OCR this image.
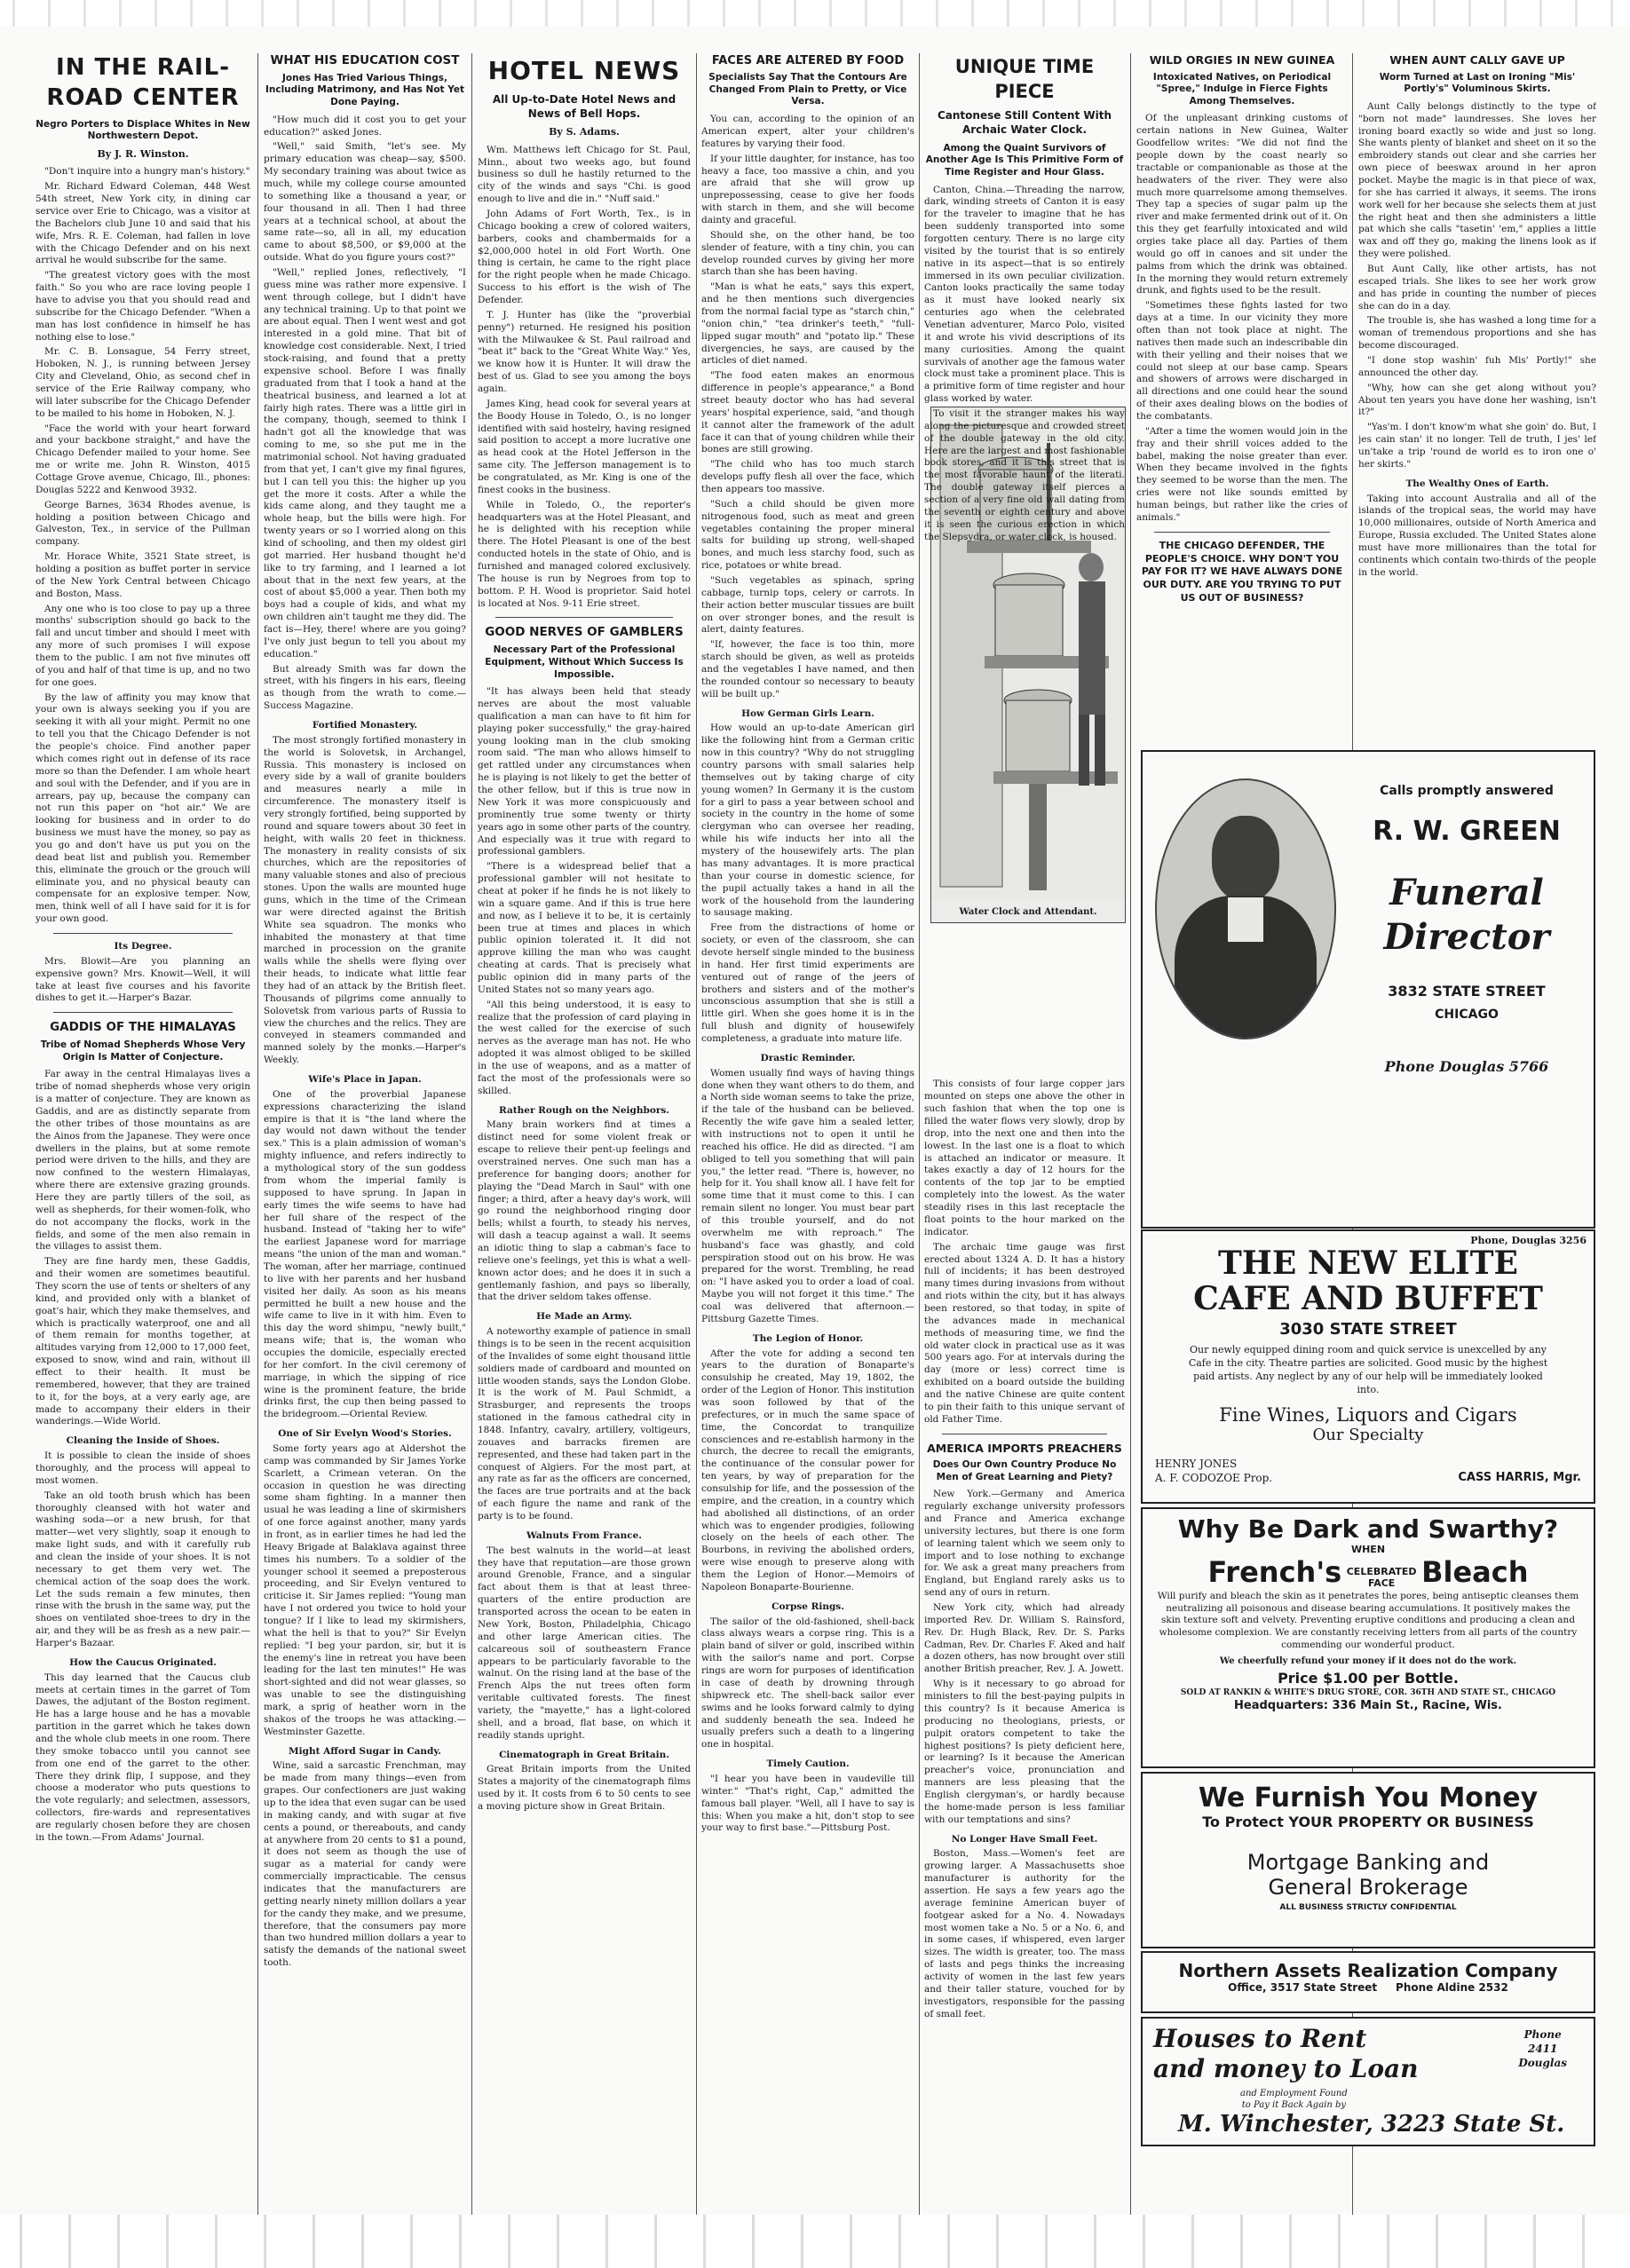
IN THE RAIL-
ROAD CENTER
Negro Porters to Displace Whites in New Northwestern Depot.
By J. R. Winston.

"Don't inquire into a hungry man's history."

Mr. Richard Edward Coleman, 448 West 54th street, New York city, in dining car service over Erie to Chicago, was a visitor at the Bachelors club June 10 and said that his wife, Mrs. R. E. Coleman, had fallen in love with the Chicago Defender and on his next arrival he would subscribe for the same.

"The greatest victory goes with the most faith." So you who are race loving people I have to advise you that you should read and subscribe for the Chicago Defender. "When a man has lost confidence in himself he has nothing else to lose."

Mr. C. B. Lonsague, 54 Ferry street, Hoboken, N. J., is running between Jersey City and Cleveland, Ohio, as second chef in service of the Erie Railway company, who will later subscribe for the Chicago Defender to be mailed to his home in Hoboken, N. J.

"Face the world with your heart forward and your backbone straight," and have the Chicago Defender mailed to your home. See me or write me. John R. Winston, 4015 Cottage Grove avenue, Chicago, Ill., phones: Douglas 5222 and Kenwood 3932.

George Barnes, 3634 Rhodes avenue, is holding a position between Chicago and Galveston, Tex., in service of the Pullman company.

Mr. Horace White, 3521 State street, is holding a position as buffet porter in service of the New York Central between Chicago and Boston, Mass.

Any one who is too close to pay up a three months' subscription should go back to the fall and uncut timber and should I meet with any more of such promises I will expose them to the public. I am not five minutes off of you and half of that time is up, and no two for one goes.

By the law of affinity you may know that your own is always seeking you if you are seeking it with all your might. Permit no one to tell you that the Chicago Defender is not the people's choice. Find another paper which comes right out in defense of its race more so than the Defender. I am whole heart and soul with the Defender, and if you are in arrears, pay up, because the company can not run this paper on "hot air." We are looking for business and in order to do business we must have the money, so pay as you go and don't have us put you on the dead beat list and publish you. Remember this, eliminate the grouch or the grouch will eliminate you, and no physical beauty can compensate for an explosive temper. Now, men, think well of all I have said for it is for your own good.

Its Degree.

Mrs. Blowit—Are you planning an expensive gown? Mrs. Knowit—Well, it will take at least five courses and his favorite dishes to get it.—Harper's Bazar.

GADDIS OF THE HIMALAYAS
Tribe of Nomad Shepherds Whose Very Origin Is Matter of Conjecture.

Far away in the central Himalayas lives a tribe of nomad shepherds whose very origin is a matter of conjecture. They are known as Gaddis, and are as distinctly separate from the other tribes of those mountains as are the Ainos from the Japanese. They were once dwellers in the plains, but at some remote period were driven to the hills, and they are now confined to the western Himalayas, where there are extensive grazing grounds. Here they are partly tillers of the soil, as well as shepherds, for their women-folk, who do not accompany the flocks, work in the fields, and some of the men also remain in the villages to assist them.

They are fine hardy men, these Gaddis, and their women are sometimes beautiful. They scorn the use of tents or shelters of any kind, and provided only with a blanket of goat's hair, which they make themselves, and which is practically waterproof, one and all of them remain for months together, at altitudes varying from 12,000 to 17,000 feet, exposed to snow, wind and rain, without ill effect to their health. It must be remembered, however, that they are trained to it, for the boys, at a very early age, are made to accompany their elders in their wanderings.—Wide World.

Cleaning the Inside of Shoes.

It is possible to clean the inside of shoes thoroughly, and the process will appeal to most women.

Take an old tooth brush which has been thoroughly cleansed with hot water and washing soda—or a new brush, for that matter—wet very slightly, soap it enough to make light suds, and with it carefully rub and clean the inside of your shoes. It is not necessary to get them very wet. The chemical action of the soap does the work. Let the suds remain a few minutes, then rinse with the brush in the same way, put the shoes on ventilated shoe-trees to dry in the air, and they will be as fresh as a new pair.—Harper's Bazaar.

How the Caucus Originated.

This day learned that the Caucus club meets at certain times in the garret of Tom Dawes, the adjutant of the Boston regiment. He has a large house and he has a movable partition in the garret which he takes down and the whole club meets in one room. There they smoke tobacco until you cannot see from one end of the garret to the other. There they drink flip, I suppose, and they choose a moderator who puts questions to the vote regularly; and selectmen, assessors, collectors, fire-wards and representatives are regularly chosen before they are chosen in the town.—From Adams' Journal.

WHAT HIS EDUCATION COST
Jones Has Tried Various Things, Including Matrimony, and Has Not Yet Done Paying.

"How much did it cost you to get your education?" asked Jones.

"Well," said Smith, "let's see. My primary education was cheap—say, $500. My secondary training was about twice as much, while my college course amounted to something like a thousand a year, or four thousand in all. Then I had three years at a technical school, at about the same rate—so, all in all, my education came to about $8,500, or $9,000 at the outside. What do you figure yours cost?"

"Well," replied Jones, reflectively, "I guess mine was rather more expensive. I went through college, but I didn't have any technical training. Up to that point we are about equal. Then I went west and got interested in a gold mine. That bit of knowledge cost considerable. Next, I tried stock-raising, and found that a pretty expensive school. Before I was finally graduated from that I took a hand at the theatrical business, and learned a lot at fairly high rates. There was a little girl in the company, though, seemed to think I hadn't got all the knowledge that was coming to me, so she put me in the matrimonial school. Not having graduated from that yet, I can't give my final figures, but I can tell you this: the higher up you get the more it costs. After a while the kids came along, and they taught me a whole heap, but the bills were high. For twenty years or so I worried along on this kind of schooling, and then my oldest girl got married. Her husband thought he'd like to try farming, and I learned a lot about that in the next few years, at the cost of about $5,000 a year. Then both my boys had a couple of kids, and what my own children ain't taught me they did. The fact is—Hey, there! where are you going? I've only just begun to tell you about my education."

But already Smith was far down the street, with his fingers in his ears, fleeing as though from the wrath to come.—Success Magazine.

Fortified Monastery.

The most strongly fortified monastery in the world is Solovetsk, in Archangel, Russia. This monastery is inclosed on every side by a wall of granite boulders and measures nearly a mile in circumference. The monastery itself is very strongly fortified, being supported by round and square towers about 30 feet in height, with walls 20 feet in thickness. The monastery in reality consists of six churches, which are the repositories of many valuable stones and also of precious stones. Upon the walls are mounted huge guns, which in the time of the Crimean war were directed against the British White sea squadron. The monks who inhabited the monastery at that time marched in procession on the granite walls while the shells were flying over their heads, to indicate what little fear they had of an attack by the British fleet. Thousands of pilgrims come annually to Solovetsk from various parts of Russia to view the churches and the relics. They are conveyed in steamers commanded and manned solely by the monks.—Harper's Weekly.

Wife's Place in Japan.

One of the proverbial Japanese expressions characterizing the island empire is that it is "the land where the day would not dawn without the tender sex." This is a plain admission of woman's mighty influence, and refers indirectly to a mythological story of the sun goddess from whom the imperial family is supposed to have sprung. In Japan in early times the wife seems to have had her full share of the respect of the husband. Instead of "taking her to wife" the earliest Japanese word for marriage means "the union of the man and woman." The woman, after her marriage, continued to live with her parents and her husband visited her daily. As soon as his means permitted he built a new house and the wife came to live in it with him. Even to this day the word shimpu, "newly built," means wife; that is, the woman who occupies the domicile, especially erected for her comfort. In the civil ceremony of marriage, in which the sipping of rice wine is the prominent feature, the bride drinks first, the cup then being passed to the bridegroom.—Oriental Review.

One of Sir Evelyn Wood's Stories.

Some forty years ago at Aldershot the camp was commanded by Sir James Yorke Scarlett, a Crimean veteran. On the occasion in question he was directing some sham fighting. In a manner then usual he was leading a line of skirmishers of one force against another, many yards in front, as in earlier times he had led the Heavy Brigade at Balaklava against three times his numbers. To a soldier of the younger school it seemed a preposterous proceeding, and Sir Evelyn ventured to criticise it. Sir James replied: "Young man have I not ordered you twice to hold your tongue? If I like to lead my skirmishers, what the hell is that to you?" Sir Evelyn replied: "I beg your pardon, sir, but it is the enemy's line in retreat you have been leading for the last ten minutes!" He was short-sighted and did not wear glasses, so was unable to see the distinguishing mark, a sprig of heather worn in the shakos of the troops he was attacking.—Westminster Gazette.

Might Afford Sugar in Candy.

Wine, said a sarcastic Frenchman, may be made from many things—even from grapes. Our confectioners are just waking up to the idea that even sugar can be used in making candy, and with sugar at five cents a pound, or thereabouts, and candy at anywhere from 20 cents to $1 a pound, it does not seem as though the use of sugar as a material for candy were commercially impracticable. The census indicates that the manufacturers are getting nearly ninety million dollars a year for the candy they make, and we presume, therefore, that the consumers pay more than two hundred million dollars a year to satisfy the demands of the national sweet tooth.

HOTEL NEWS
All Up-to-Date Hotel News and News of Bell Hops.
By S. Adams.

Wm. Matthews left Chicago for St. Paul, Minn., about two weeks ago, but found business so dull he hastily returned to the city of the winds and says "Chi. is good enough to live and die in." "Nuff said."

John Adams of Fort Worth, Tex., is in Chicago booking a crew of colored waiters, barbers, cooks and chambermaids for a $2,000,000 hotel in old Fort Worth. One thing is certain, he came to the right place for the right people when he made Chicago. Success to his effort is the wish of The Defender.

T. J. Hunter has (like the "proverbial penny") returned. He resigned his position with the Milwaukee & St. Paul railroad and "beat it" back to the "Great White Way." Yes, we know how it is Hunter. It will draw the best of us. Glad to see you among the boys again.

James King, head cook for several years at the Boody House in Toledo, O., is no longer identified with said hostelry, having resigned said position to accept a more lucrative one as head cook at the Hotel Jefferson in the same city. The Jefferson management is to be congratulated, as Mr. King is one of the finest cooks in the business.

While in Toledo, O., the reporter's headquarters was at the Hotel Pleasant, and he is delighted with his reception while there. The Hotel Pleasant is one of the best conducted hotels in the state of Ohio, and is furnished and managed colored exclusively. The house is run by Negroes from top to bottom. P. H. Wood is proprietor. Said hotel is located at Nos. 9-11 Erie street.

GOOD NERVES OF GAMBLERS
Necessary Part of the Professional Equipment, Without Which Success Is Impossible.

"It has always been held that steady nerves are about the most valuable qualification a man can have to fit him for playing poker successfully," the gray-haired young looking man in the club smoking room said. "The man who allows himself to get rattled under any circumstances when he is playing is not likely to get the better of the other fellow, but if this is true now in New York it was more conspicuously and prominently true some twenty or thirty years ago in some other parts of the country. And especially was it true with regard to professional gamblers.

"There is a widespread belief that a professional gambler will not hesitate to cheat at poker if he finds he is not likely to win a square game. And if this is true here and now, as I believe it to be, it is certainly been true at times and places in which public opinion tolerated it. It did not approve killing the man who was caught cheating at cards. That is precisely what public opinion did in many parts of the United States not so many years ago.

"All this being understood, it is easy to realize that the profession of card playing in the west called for the exercise of such nerves as the average man has not. He who adopted it was almost obliged to be skilled in the use of weapons, and as a matter of fact the most of the professionals were so skilled.

Rather Rough on the Neighbors.

Many brain workers find at times a distinct need for some violent freak or escape to relieve their pent-up feelings and overstrained nerves. One such man has a preference for banging doors; another for playing the "Dead March in Saul" with one finger; a third, after a heavy day's work, will go round the neighborhood ringing door bells; whilst a fourth, to steady his nerves, will dash a teacup against a wall. It seems an idiotic thing to slap a cabman's face to relieve one's feelings, yet this is what a well-known actor does; and he does it in such a gentlemanly fashion, and pays so liberally, that the driver seldom takes offense.

He Made an Army.

A noteworthy example of patience in small things is to be seen in the recent acquisition of the Invalides of some eight thousand little soldiers made of cardboard and mounted on little wooden stands, says the London Globe. It is the work of M. Paul Schmidt, a Strasburger, and represents the troops stationed in the famous cathedral city in 1848. Infantry, cavalry, artillery, voltigeurs, zouaves and barracks firemen are represented, and these had taken part in the conquest of Algiers. For the most part, at any rate as far as the officers are concerned, the faces are true portraits and at the back of each figure the name and rank of the party is to be found.

Walnuts From France.

The best walnuts in the world—at least they have that reputation—are those grown around Grenoble, France, and a singular fact about them is that at least three-quarters of the entire production are transported across the ocean to be eaten in New York, Boston, Philadelphia, Chicago and other large American cities. The calcareous soil of southeastern France appears to be particularly favorable to the walnut. On the rising land at the base of the French Alps the nut trees often form veritable cultivated forests. The finest variety, the "mayette," has a light-colored shell, and a broad, flat base, on which it readily stands upright.

Cinematograph in Great Britain.

Great Britain imports from the United States a majority of the cinematograph films used by it. It costs from 6 to 50 cents to see a moving picture show in Great Britain.

FACES ARE ALTERED BY FOOD
Specialists Say That the Contours Are Changed From Plain to Pretty, or Vice Versa.

You can, according to the opinion of an American expert, alter your children's features by varying their food.

If your little daughter, for instance, has too heavy a face, too massive a chin, and you are afraid that she will grow up unprepossessing, cease to give her foods with starch in them, and she will become dainty and graceful.

Should she, on the other hand, be too slender of feature, with a tiny chin, you can develop rounded curves by giving her more starch than she has been having.

"Man is what he eats," says this expert, and he then mentions such divergencies from the normal facial type as "starch chin," "onion chin," "tea drinker's teeth," "full-lipped sugar mouth" and "potato lip." These divergencies, he says, are caused by the articles of diet named.

"The food eaten makes an enormous difference in people's appearance," a Bond street beauty doctor who has had several years' hospital experience, said, "and though it cannot alter the framework of the adult face it can that of young children while their bones are still growing.

"The child who has too much starch develops puffy flesh all over the face, which then appears too massive.

"Such a child should be given more nitrogenous food, such as meat and green vegetables containing the proper mineral salts for building up strong, well-shaped bones, and much less starchy food, such as rice, potatoes or white bread.

"Such vegetables as spinach, spring cabbage, turnip tops, celery or carrots. In their action better muscular tissues are built on over stronger bones, and the result is alert, dainty features.

"If, however, the face is too thin, more starch should be given, as well as proteids and the vegetables I have named, and then the rounded contour so necessary to beauty will be built up."

How German Girls Learn.

How would an up-to-date American girl like the following hint from a German critic now in this country? "Why do not struggling country parsons with small salaries help themselves out by taking charge of city young women? In Germany it is the custom for a girl to pass a year between school and society in the country in the home of some clergyman who can oversee her reading, while his wife inducts her into all the mystery of the housewifely arts. The plan has many advantages. It is more practical than your course in domestic science, for the pupil actually takes a hand in all the work of the household from the laundering to sausage making.

Free from the distractions of home or society, or even of the classroom, she can devote herself single minded to the business in hand. Her first timid experiments are ventured out of range of the jeers of brothers and sisters and of the mother's unconscious assumption that she is still a little girl. When she goes home it is in the full blush and dignity of housewifely completeness, a graduate into mature life.

Drastic Reminder.

Women usually find ways of having things done when they want others to do them, and a North side woman seems to take the prize, if the tale of the husband can be believed. Recently the wife gave him a sealed letter, with instructions not to open it until he reached his office. He did as directed. "I am obliged to tell you something that will pain you," the letter read. "There is, however, no help for it. You shall know all. I have felt for some time that it must come to this. I can remain silent no longer. You must bear part of this trouble yourself, and do not overwhelm me with reproach." The husband's face was ghastly, and cold perspiration stood out on his brow. He was prepared for the worst. Trembling, he read on: "I have asked you to order a load of coal. Maybe you will not forget it this time." The coal was delivered that afternoon.—Pittsburg Gazette Times.

The Legion of Honor.

After the vote for adding a second ten years to the duration of Bonaparte's consulship he created, May 19, 1802, the order of the Legion of Honor. This institution was soon followed by that of the prefectures, or in much the same space of time, the Concordat to tranquilize consciences and re-establish harmony in the church, the decree to recall the emigrants, the continuance of the consular power for ten years, by way of preparation for the consulship for life, and the possession of the empire, and the creation, in a country which had abolished all distinctions, of an order which was to engender prodigies, following closely on the heels of each other. The Bourbons, in reviving the abolished orders, were wise enough to preserve along with them the Legion of Honor.—Memoirs of Napoleon Bonaparte-Bourienne.

Corpse Rings.

The sailor of the old-fashioned, shell-back class always wears a corpse ring. This is a plain band of silver or gold, inscribed within with the sailor's name and port. Corpse rings are worn for purposes of identification in case of death by drowning through shipwreck etc. The shell-back sailor ever swims and he looks forward calmly to dying and suddenly beneath the sea. Indeed he usually prefers such a death to a lingering one in hospital.

Timely Caution.

"I hear you have been in vaudeville till winter." "That's right, Cap," admitted the famous ball player. "Well, all I have to say is this: When you make a hit, don't stop to see your way to first base."—Pittsburg Post.

Water Clock and Attendant.
UNIQUE TIME PIECE
Cantonese Still Content With Archaic Water Clock.
Among the Quaint Survivors of Another Age Is This Primitive Form of Time Register and Hour Glass.

Canton, China.—Threading the narrow, dark, winding streets of Canton it is easy for the traveler to imagine that he has been suddenly transported into some forgotten century. There is no large city visited by the tourist that is so entirely native in its aspect—that is so entirely immersed in its own peculiar civilization. Canton looks practically the same today as it must have looked nearly six centuries ago when the celebrated Venetian adventurer, Marco Polo, visited it and wrote his vivid descriptions of its many curiosities. Among the quaint survivals of another age the famous water clock must take a prominent place. This is a primitive form of time register and hour glass worked by water.

To visit it the stranger makes his way along the picturesque and crowded street of the double gateway in the old city. Here are the largest and most fashionable book stores, and it is this street that is the most favorable haunt of the literati. The double gateway itself pierces a section of a very fine old wall dating from the seventh or eighth century and above it is seen the curious erection in which the Slepsydra, or water clock, is housed.

This consists of four large copper jars mounted on steps one above the other in such fashion that when the top one is filled the water flows very slowly, drop by drop, into the next one and then into the lowest. In the last one is a float to which is attached an indicator or measure. It takes exactly a day of 12 hours for the contents of the top jar to be emptied completely into the lowest. As the water steadily rises in this last receptacle the float points to the hour marked on the indicator.

The archaic time gauge was first erected about 1324 A. D. It has a history full of incidents; it has been destroyed many times during invasions from without and riots within the city, but it has always been restored, so that today, in spite of the advances made in mechanical methods of measuring time, we find the old water clock in practical use as it was 500 years ago. For at intervals during the day (more or less) correct time is exhibited on a board outside the building and the native Chinese are quite content to pin their faith to this unique servant of old Father Time.

AMERICA IMPORTS PREACHERS
Does Our Own Country Produce No Men of Great Learning and Piety?

New York.—Germany and America regularly exchange university professors and France and America exchange university lectures, but there is one form of learning talent which we seem only to import and to lose nothing to exchange for. We ask a great many preachers from England, but England rarely asks us to send any of ours in return.

New York city, which had already imported Rev. Dr. William S. Rainsford, Rev. Dr. Hugh Black, Rev. Dr. S. Parks Cadman, Rev. Dr. Charles F. Aked and half a dozen others, has now brought over still another British preacher, Rev. J. A. Jowett.

Why is it necessary to go abroad for ministers to fill the best-paying pulpits in this country? Is it because America is producing no theologians, priests, or pulpit orators competent to take the highest positions? Is piety deficient here, or learning? Is it because the American preacher's voice, pronunciation and manners are less pleasing that the English clergyman's, or hardly because the home-made person is less familiar with our temptations and sins?

No Longer Have Small Feet.

Boston, Mass.—Women's feet are growing larger. A Massachusetts shoe manufacturer is authority for the assertion. He says a few years ago the average feminine American buyer of footgear asked for a No. 4. Nowadays most women take a No. 5 or a No. 6, and in some cases, if whispered, even larger sizes. The width is greater, too. The mass of lasts and pegs thinks the increasing activity of women in the last few years and their taller stature, vouched for by investigators, responsible for the passing of small feet.

WILD ORGIES IN NEW GUINEA
Intoxicated Natives, on Periodical "Spree," Indulge in Fierce Fights Among Themselves.

Of the unpleasant drinking customs of certain nations in New Guinea, Walter Goodfellow writes: "We did not find the people down by the coast nearly so tractable or companionable as those at the headwaters of the river. They were also much more quarrelsome among themselves. They tap a species of sugar palm up the river and make fermented drink out of it. On this they get fearfully intoxicated and wild orgies take place all day. Parties of them would go off in canoes and sit under the palms from which the drink was obtained. In the morning they would return extremely drunk, and fights used to be the result.

"Sometimes these fights lasted for two days at a time. In our vicinity they more often than not took place at night. The natives then made such an indescribable din with their yelling and their noises that we could not sleep at our base camp. Spears and showers of arrows were discharged in all directions and one could hear the sound of their axes dealing blows on the bodies of the combatants.

"After a time the women would join in the fray and their shrill voices added to the babel, making the noise greater than ever. When they became involved in the fights they seemed to be worse than the men. The cries were not like sounds emitted by human beings, but rather like the cries of animals."

THE CHICAGO DEFENDER, THE PEOPLE'S CHOICE. WHY DON'T YOU PAY FOR IT? WE HAVE ALWAYS DONE OUR DUTY. ARE YOU TRYING TO PUT US OUT OF BUSINESS?
WHEN AUNT CALLY GAVE UP
Worm Turned at Last on Ironing "Mis' Portly's" Voluminous Skirts.

Aunt Cally belongs distinctly to the type of "born not made" laundresses. She loves her ironing board exactly so wide and just so long. She wants plenty of blanket and sheet on it so the embroidery stands out clear and she carries her own piece of beeswax around in her apron pocket. Maybe the magic is in that piece of wax, for she has carried it always, it seems. The irons work well for her because she selects them at just the right heat and then she administers a little pat which she calls "tasetin' 'em," applies a little wax and off they go, making the linens look as if they were polished.

But Aunt Cally, like other artists, has not escaped trials. She likes to see her work grow and has pride in counting the number of pieces she can do in a day.

The trouble is, she has washed a long time for a woman of tremendous proportions and she has become discouraged.

"I done stop washin' fuh Mis' Portly!" she announced the other day.

"Why, how can she get along without you? About ten years you have done her washing, isn't it?"

"Yas'm. I don't know'm what she goin' do. But, I jes cain stan' it no longer. Tell de truth, I jes' lef un'take a trip 'round de world es to iron one o' her skirts."

The Wealthy Ones of Earth.

Taking into account Australia and all of the islands of the tropical seas, the world may have 10,000 millionaires, outside of North America and Europe, Russia excluded. The United States alone must have more millionaires than the total for continents which contain two-thirds of the people in the world.

Calls promptly answered
R. W. GREEN
Funeral
Director
3832 STATE STREET
CHICAGO
Phone Douglas 5766
Phone, Douglas 3256
THE NEW ELITE
CAFE AND BUFFET
3030 STATE STREET
Our newly equipped dining room and quick service is unexcelled by any Cafe in the city. Theatre parties are solicited. Good music by the highest paid artists. Any neglect by any of our help will be immediately looked into.
Fine Wines, Liquors and Cigars
Our Specialty
HENRY JONES
A. F. CODOZOE Prop.	CASS HARRIS, Mgr.
Why Be Dark and Swarthy?
WHEN
French's CELEBRATED
FACE Bleach
Will purify and bleach the skin as it penetrates the pores, being antiseptic cleanses them neutralizing all poisonous and disease bearing accumulations. It positively makes the skin texture soft and velvety. Preventing eruptive conditions and producing a clean and wholesome complexion. We are constantly receiving letters from all parts of the country commending our wonderful product.
We cheerfully refund your money if it does not do the work.
Price $1.00 per Bottle.
SOLD AT RANKIN & WHITE'S DRUG STORE, COR. 36TH AND STATE ST., CHICAGO
Headquarters: 336 Main St., Racine, Wis.
We Furnish You Money
To Protect YOUR PROPERTY OR BUSINESS
Mortgage Banking and
General Brokerage
ALL BUSINESS STRICTLY CONFIDENTIAL
Northern Assets Realization Company
Office, 3517 State Street Phone Aldine 2532
Houses to Rent
and money to Loan
Phone
2411
Douglas
and Employment Found
to Pay it Back Again by
M. Winchester, 3223 State St.
